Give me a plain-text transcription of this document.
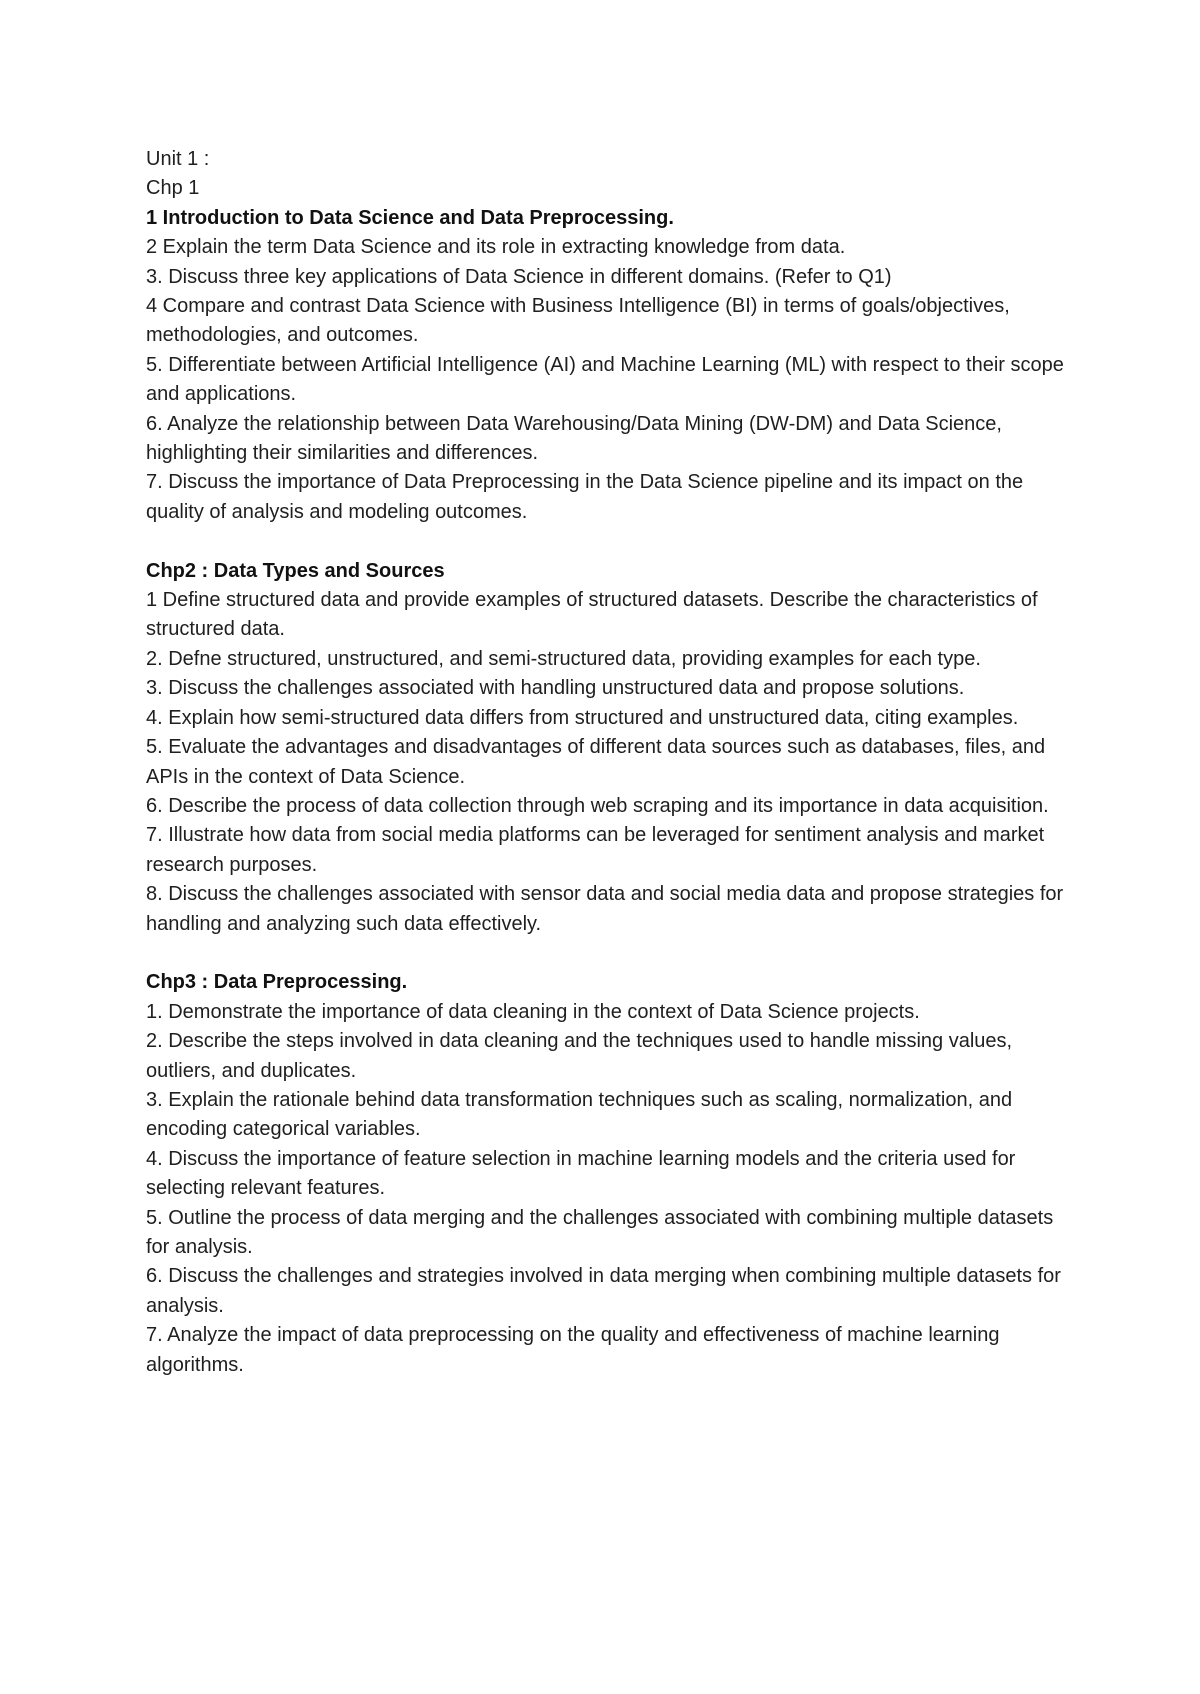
Unit 1 :

Chp 1

1 Introduction to Data Science and Data Preprocessing.

2 Explain the term Data Science and its role in extracting knowledge from data.

3. Discuss three key applications of Data Science in different domains. (Refer to Q1)

4 Compare and contrast Data Science with Business Intelligence (BI) in terms of goals/objectives, methodologies, and outcomes.

5. Differentiate between Artificial Intelligence (AI) and Machine Learning (ML) with respect to their scope and applications.

6. Analyze the relationship between Data Warehousing/Data Mining (DW-DM) and Data Science, highlighting their similarities and differences.

7. Discuss the importance of Data Preprocessing in the Data Science pipeline and its impact on the quality of analysis and modeling outcomes.

Chp2 : Data Types and Sources

1 Define structured data and provide examples of structured datasets. Describe the characteristics of structured data.

2. Defne structured, unstructured, and semi-structured data, providing examples for each type.

3. Discuss the challenges associated with handling unstructured data and propose solutions.

4. Explain how semi-structured data differs from structured and unstructured data, citing examples.

5. Evaluate the advantages and disadvantages of different data sources such as databases, files, and APIs in the context of Data Science.

6. Describe the process of data collection through web scraping and its importance in data acquisition.

7. Illustrate how data from social media platforms can be leveraged for sentiment analysis and market research purposes.

8. Discuss the challenges associated with sensor data and social media data and propose strategies for handling and analyzing such data effectively.

Chp3 : Data Preprocessing.

1. Demonstrate the importance of data cleaning in the context of Data Science projects.

2. Describe the steps involved in data cleaning and the techniques used to handle missing values, outliers, and duplicates.

3. Explain the rationale behind data transformation techniques such as scaling, normalization, and encoding categorical variables.

4. Discuss the importance of feature selection in machine learning models and the criteria used for selecting relevant features.

5. Outline the process of data merging and the challenges associated with combining multiple datasets for analysis.

6. Discuss the challenges and strategies involved in data merging when combining multiple datasets for analysis.

7. Analyze the impact of data preprocessing on the quality and effectiveness of machine learning algorithms.
